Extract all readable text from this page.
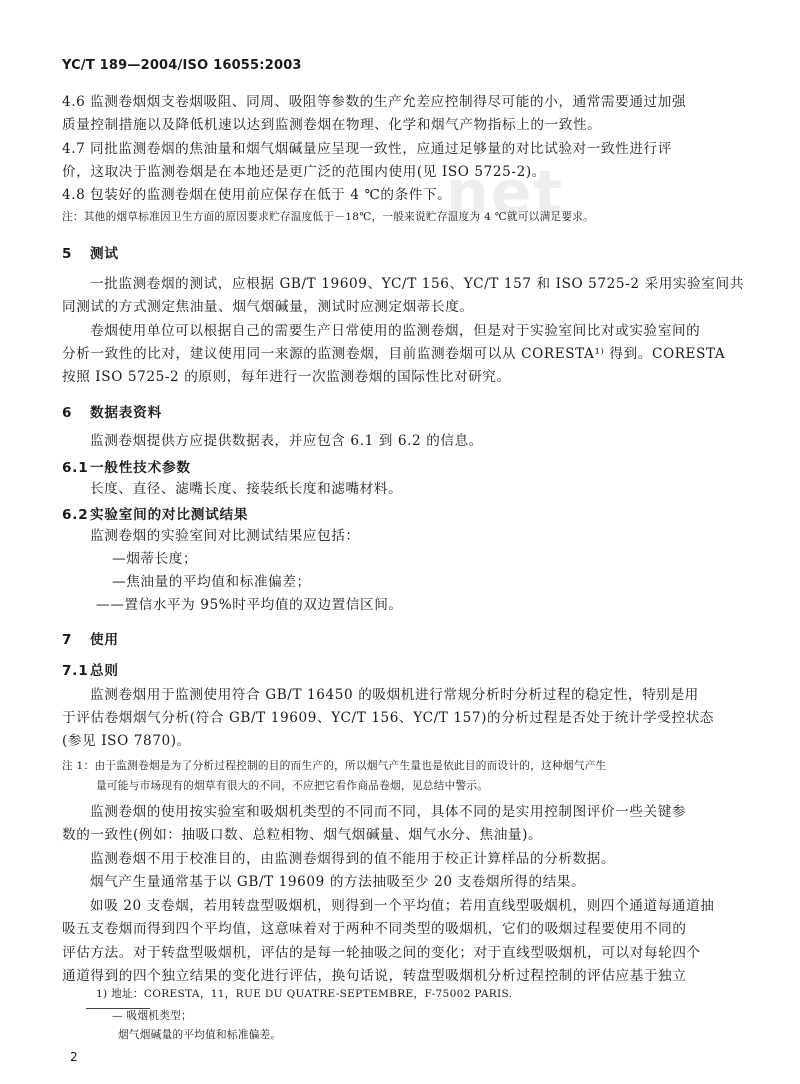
net
YC/T 189—2004/ISO 16055:2003
4.6 监测卷烟烟支卷烟吸阻、同周、吸阻等参数的生产允差应控制得尽可能的小，通常需要通过加强
质量控制措施以及降低机速以达到监测卷烟在物理、化学和烟气产物指标上的一致性。
4.7 同批监测卷烟的焦油量和烟气烟碱量应呈现一致性，应通过足够量的对比试验对一致性进行评
价，这取决于监测卷烟是在本地还是更广泛的范围内使用(见 ISO 5725-2)。
4.8 包装好的监测卷烟在使用前应保存在低于 4 ℃的条件下。
注：其他的烟草标准因卫生方面的原因要求贮存温度低于－18℃，一般来说贮存温度为 4 ℃就可以满足要求。
5 测试
一批监测卷烟的测试，应根据 GB/T 19609、YC/T 156、YC/T 157 和 ISO 5725-2 采用实验室间共
同测试的方式测定焦油量、烟气烟碱量，测试时应测定烟蒂长度。
卷烟使用单位可以根据自己的需要生产日常使用的监测卷烟，但是对于实验室间比对或实验室间的
分析一致性的比对，建议使用同一来源的监测卷烟，目前监测卷烟可以从 CORESTA¹⁾ 得到。CORESTA
按照 ISO 5725-2 的原则，每年进行一次监测卷烟的国际性比对研究。
6 数据表资料
监测卷烟提供方应提供数据表，并应包含 6.1 到 6.2 的信息。
6.1 一般性技术参数
长度、直径、滤嘴长度、接装纸长度和滤嘴材料。
6.2 实验室间的对比测试结果
监测卷烟的实验室间对比测试结果应包括：
—烟蒂长度；
—焦油量的平均值和标准偏差；
——置信水平为 95%时平均值的双边置信区间。
7 使用
7.1 总则
监测卷烟用于监测使用符合 GB/T 16450 的吸烟机进行常规分析时分析过程的稳定性，特别是用
于评估卷烟烟气分析(符合 GB/T 19609、YC/T 156、YC/T 157)的分析过程是否处于统计学受控状态
(参见 ISO 7870)。
注 1：由于监测卷烟是为了分析过程控制的目的而生产的，所以烟气产生量也是依此目的而设计的，这种烟气产生
量可能与市场现有的烟草有很大的不同，不应把它看作商品卷烟，见总结中警示。
监测卷烟的使用按实验室和吸烟机类型的不同而不同，具体不同的是实用控制图评价一些关键参
数的一致性(例如：抽吸口数、总粒相物、烟气烟碱量、烟气水分、焦油量)。
监测卷烟不用于校准目的，由监测卷烟得到的值不能用于校正计算样品的分析数据。
烟气产生量通常基于以 GB/T 19609 的方法抽吸至少 20 支卷烟所得的结果。
如吸 20 支卷烟，若用转盘型吸烟机，则得到一个平均值；若用直线型吸烟机，则四个通道每通道抽
吸五支卷烟而得到四个平均值，这意味着对于两种不同类型的吸烟机，它们的吸烟过程要使用不同的
评估方法。对于转盘型吸烟机，评估的是每一轮抽吸之间的变化；对于直线型吸烟机，可以对每轮四个
通道得到的四个独立结果的变化进行评估，换句话说，转盘型吸烟机分析过程控制的评估应基于独立
1) 地址：CORESTA，11，RUE DU QUATRE-SEPTEMBRE，F-75002 PARIS.
— 吸烟机类型；
烟气烟碱量的平均值和标准偏差。
2
